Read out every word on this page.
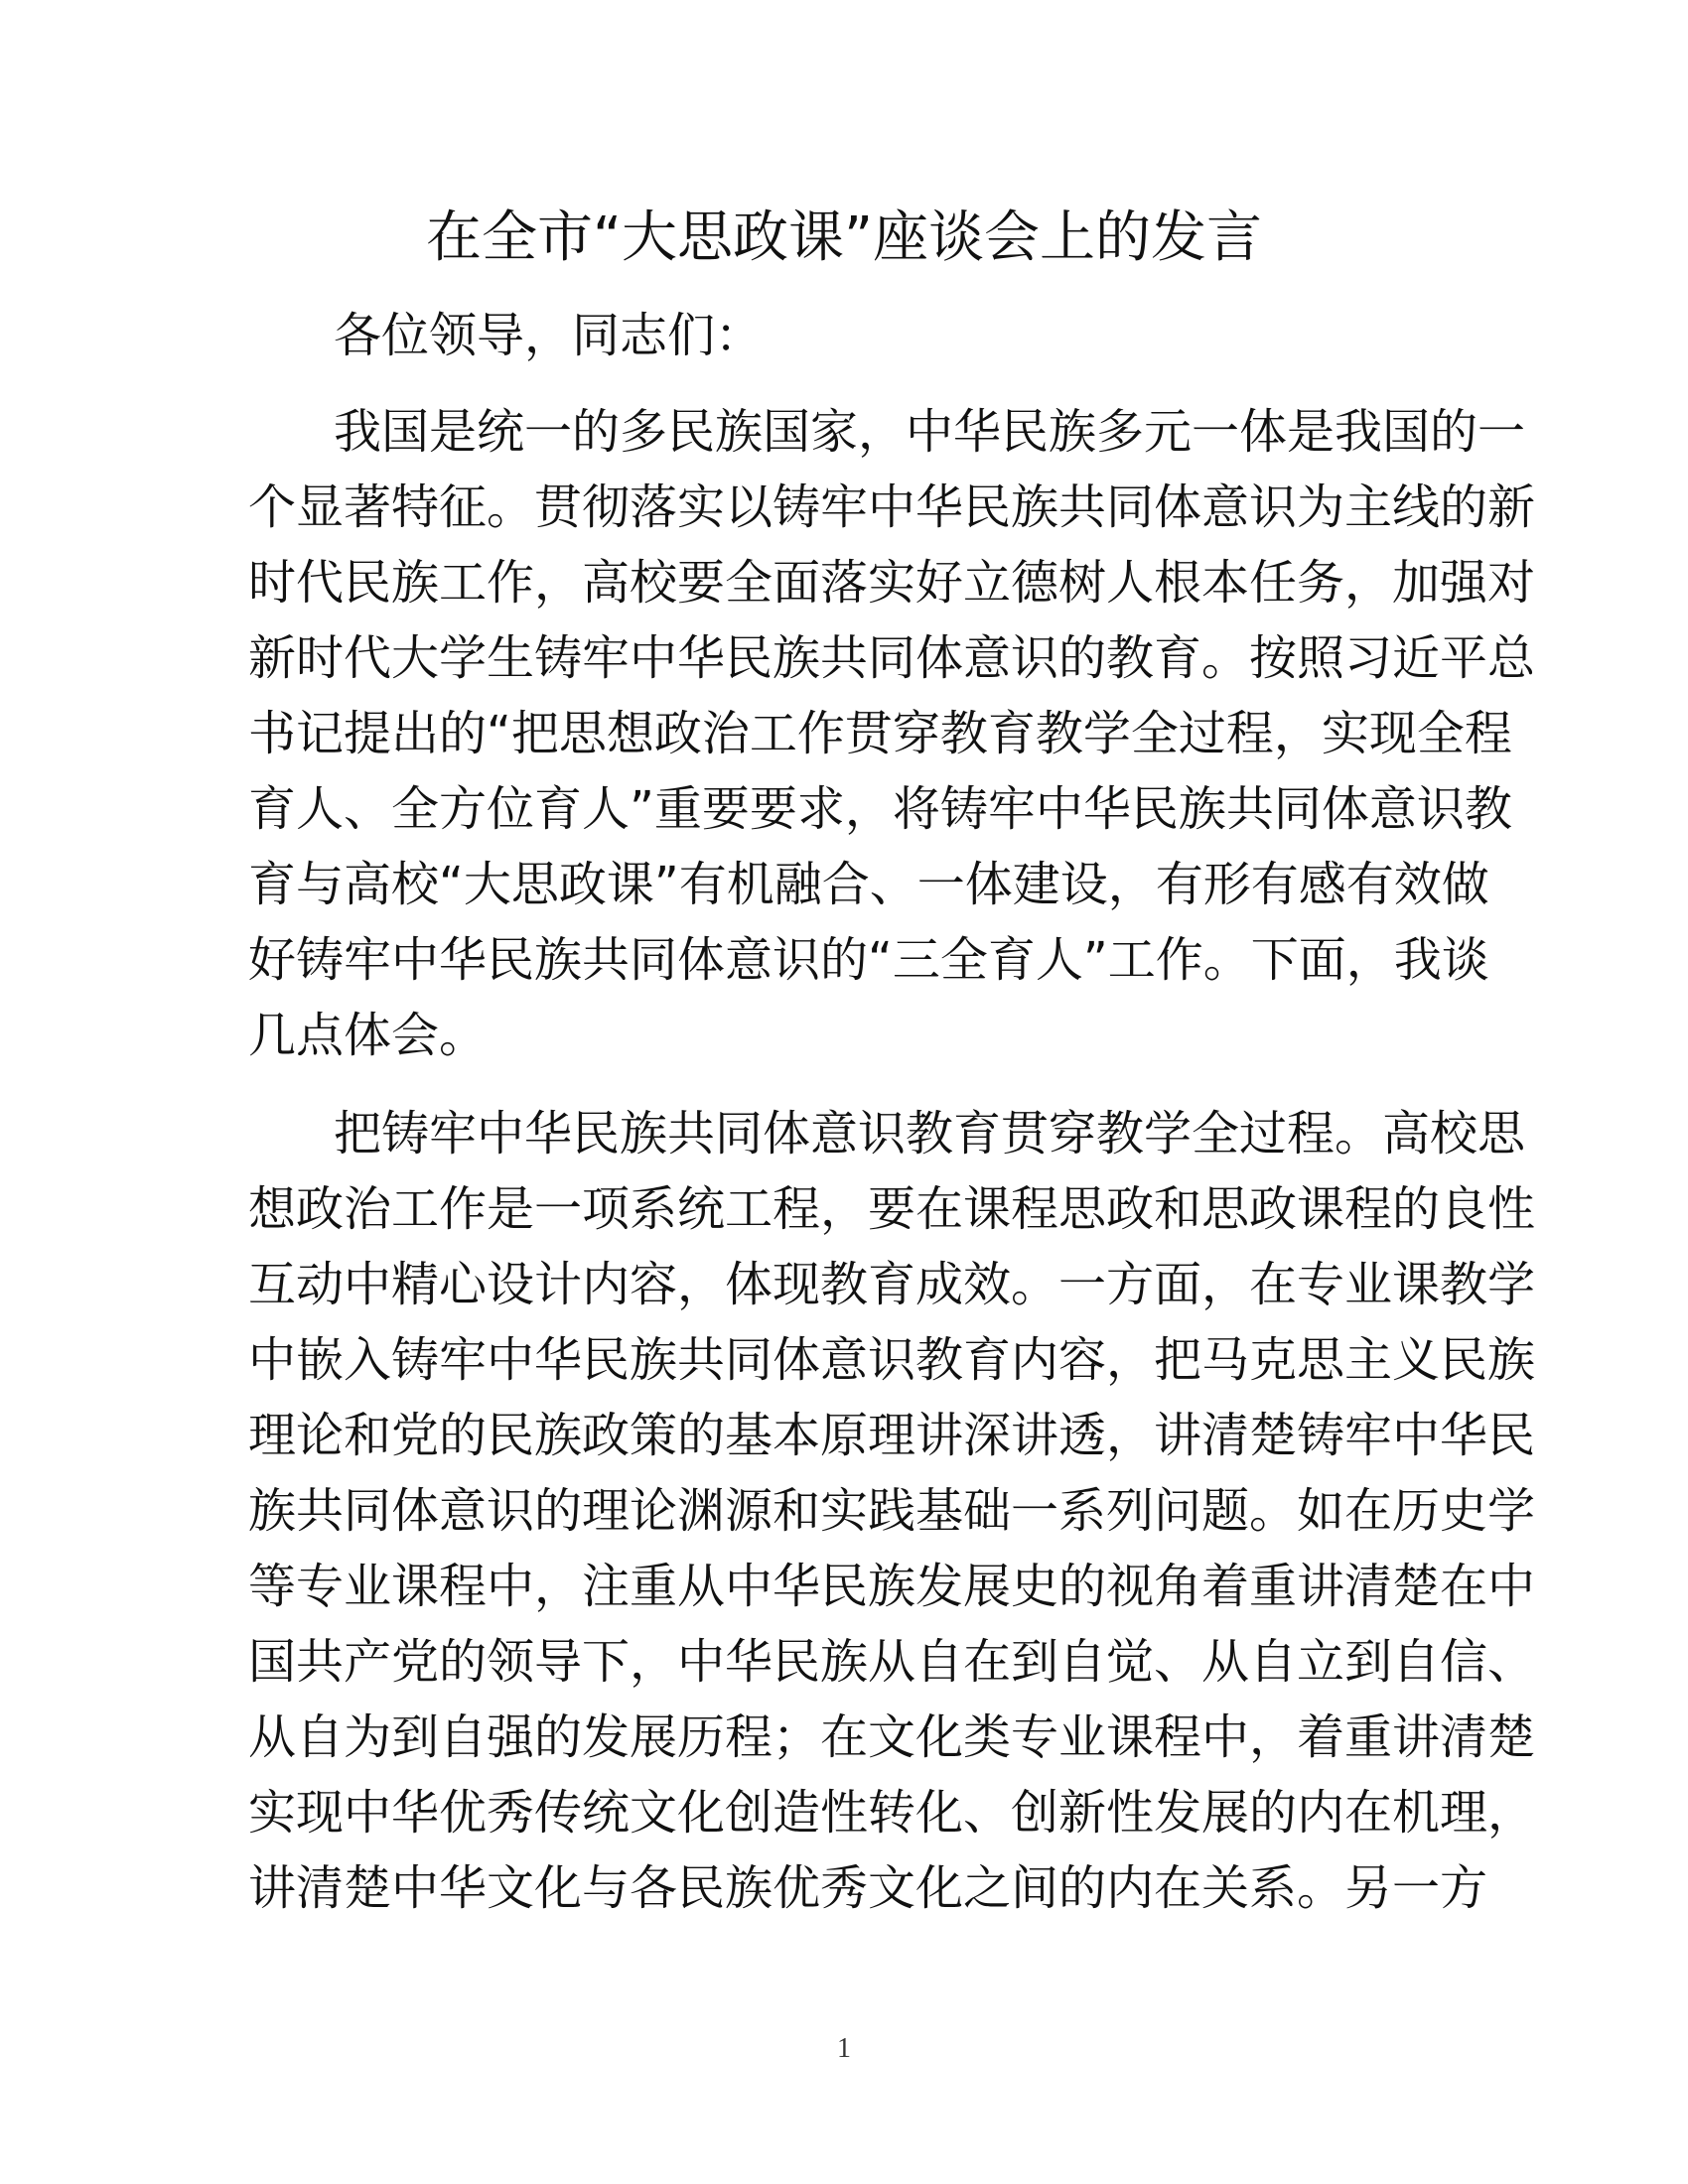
在全市“大思政课”座谈会上的发言
各位领导，同志们：
我国是统一的多民族国家，中华民族多元一体是我国的一
个显著特征。贯彻落实以铸牢中华民族共同体意识为主线的新
时代民族工作，高校要全面落实好立德树人根本任务，加强对
新时代大学生铸牢中华民族共同体意识的教育。按照习近平总
书记提出的“把思想政治工作贯穿教育教学全过程，实现全程
育人、全方位育人”重要要求，将铸牢中华民族共同体意识教
育与高校“大思政课”有机融合、一体建设，有形有感有效做
好铸牢中华民族共同体意识的“三全育人”工作。下面，我谈
几点体会。
把铸牢中华民族共同体意识教育贯穿教学全过程。高校思
想政治工作是一项系统工程，要在课程思政和思政课程的良性
互动中精心设计内容，体现教育成效。一方面，在专业课教学
中嵌入铸牢中华民族共同体意识教育内容，把马克思主义民族
理论和党的民族政策的基本原理讲深讲透，讲清楚铸牢中华民
族共同体意识的理论渊源和实践基础一系列问题。如在历史学
等专业课程中，注重从中华民族发展史的视角着重讲清楚在中
国共产党的领导下，中华民族从自在到自觉、从自立到自信、
从自为到自强的发展历程；在文化类专业课程中，着重讲清楚
实现中华优秀传统文化创造性转化、创新性发展的内在机理，
讲清楚中华文化与各民族优秀文化之间的内在关系。另一方
1
